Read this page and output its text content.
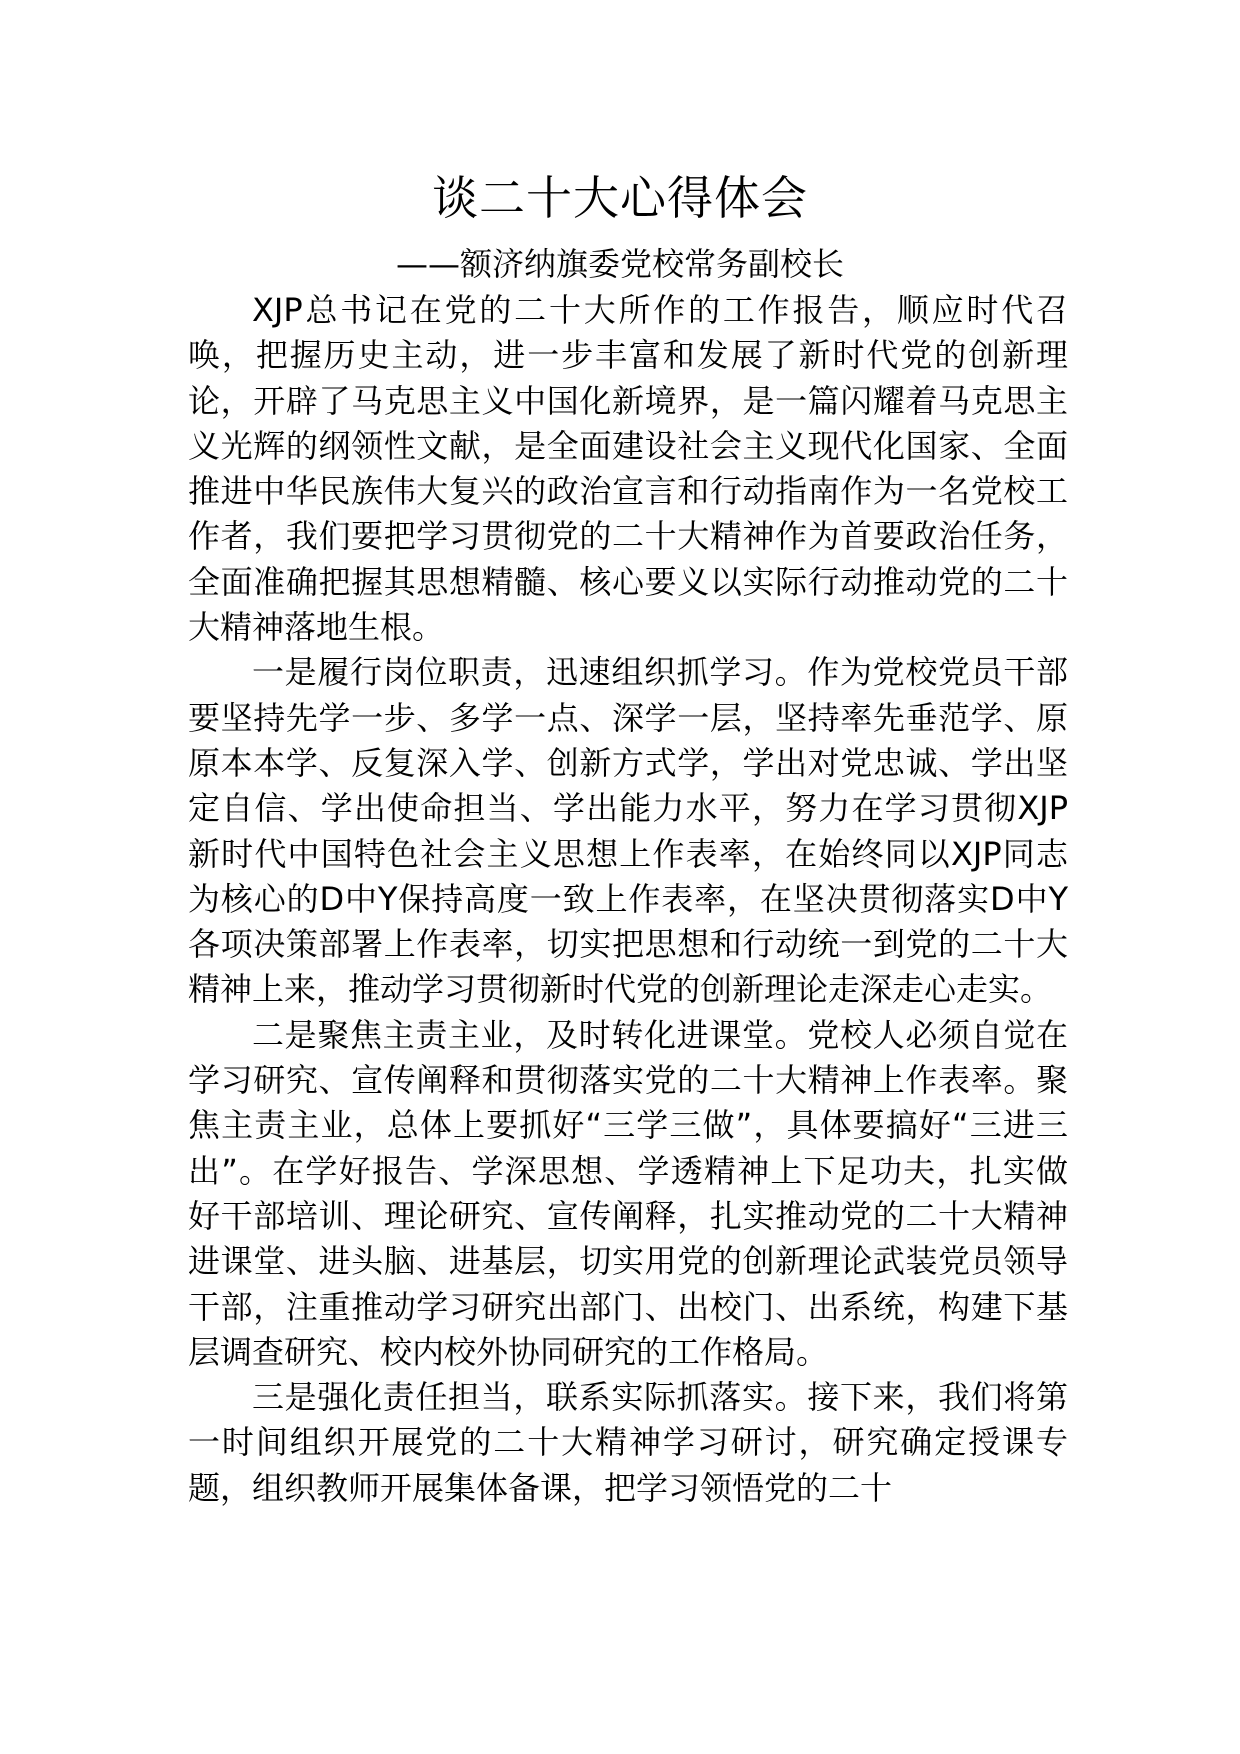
谈二十大心得体会
——额济纳旗委党校常务副校长

XJP总书记在党的二十大所作的工作报告，顺应时代召唤，把握历史主动，进一步丰富和发展了新时代党的创新理论，开辟了马克思主义中国化新境界，是一篇闪耀着马克思主义光辉的纲领性文献，是全面建设社会主义现代化国家、全面推进中华民族伟大复兴的政治宣言和行动指南作为一名党校工作者，我们要把学习贯彻党的二十大精神作为首要政治任务，全面准确把握其思想精髓、核心要义以实际行动推动党的二十大精神落地生根。

一是履行岗位职责，迅速组织抓学习。作为党校党员干部要坚持先学一步、多学一点、深学一层，坚持率先垂范学、原原本本学、反复深入学、创新方式学，学出对党忠诚、学出坚定自信、学出使命担当、学出能力水平，努力在学习贯彻XJP新时代中国特色社会主义思想上作表率，在始终同以XJP同志为核心的D中Y保持高度一致上作表率，在坚决贯彻落实D中Y各项决策部署上作表率，切实把思想和行动统一到党的二十大精神上来，推动学习贯彻新时代党的创新理论走深走心走实。

二是聚焦主责主业，及时转化进课堂。党校人必须自觉在学习研究、宣传阐释和贯彻落实党的二十大精神上作表率。聚焦主责主业，总体上要抓好“三学三做”，具体要搞好“三进三出”。在学好报告、学深思想、学透精神上下足功夫，扎实做好干部培训、理论研究、宣传阐释，扎实推动党的二十大精神进课堂、进头脑、进基层，切实用党的创新理论武装党员领导干部，注重推动学习研究出部门、出校门、出系统，构建下基层调查研究、校内校外协同研究的工作格局。

三是强化责任担当，联系实际抓落实。接下来，我们将第一时间组织开展党的二十大精神学习研讨，研究确定授课专题，组织教师开展集体备课，把学习领悟党的二十
